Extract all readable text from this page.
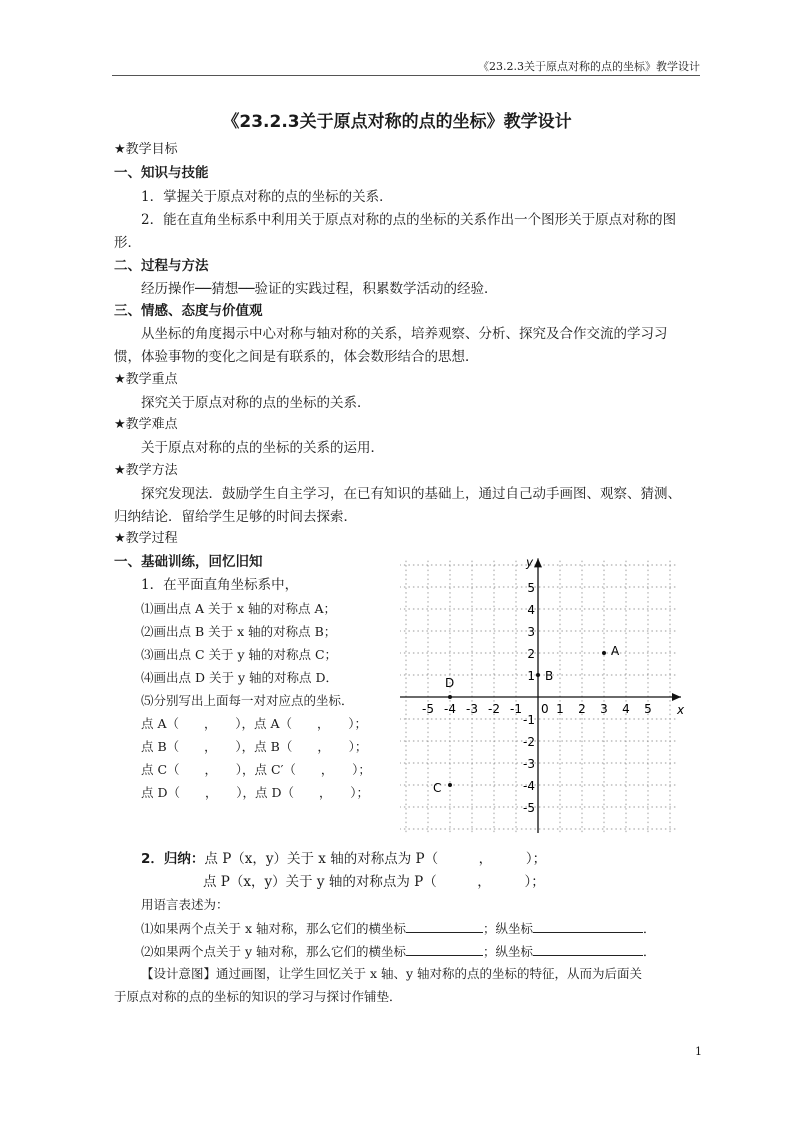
《23.2.3关于原点对称的点的坐标》教学设计
《23.2.3关于原点对称的点的坐标》教学设计
★教学目标
一、知识与技能
1．掌握关于原点对称的点的坐标的关系．
2．能在直角坐标系中利用关于原点对称的点的坐标的关系作出一个图形关于原点对称的图
形．
二、过程与方法
经历操作──猜想──验证的实践过程，积累数学活动的经验．
三、情感、态度与价值观
从坐标的角度揭示中心对称与轴对称的关系，培养观察、分析、探究及合作交流的学习习
惯，体验事物的变化之间是有联系的，体会数形结合的思想．
★教学重点
探究关于原点对称的点的坐标的关系．
★教学难点
关于原点对称的点的坐标的关系的运用．
★教学方法
探究发现法．鼓励学生自主学习，在已有知识的基础上，通过自己动手画图、观察、猜测、
归纳结论．留给学生足够的时间去探索．
★教学过程
一、基础训练，回忆旧知
1．在平面直角坐标系中，
⑴画出点 A 关于 x 轴的对称点 A；
⑵画出点 B 关于 x 轴的对称点 B；
⑶画出点 C 关于 y 轴的对称点 C；
⑷画出点 D 关于 y 轴的对称点 D．
⑸分别写出上面每一对对应点的坐标．
点 A（　　，　　），点 A（　　，　　）；
点 B（　　，　　），点 B（　　，　　）；
点 C（　　，　　），点 C′（　　，　　）；
点 D（　　，　　），点 D（　　，　　）；
x
y
0
-5 -4 -3 -2 -1	1 2 3 4 5
5
4
3
2
1
-1
-2
-3
-4
-5
A
B
C
D
2．归纳：点 P（x，y）关于 x 轴的对称点为 P（　　　，　　　）；
点 P（x，y）关于 y 轴的对称点为 P（　　　，　　　）；
用语言表述为：
⑴如果两个点关于 x 轴对称，那么它们的横坐标	；纵坐标	．
⑵如果两个点关于 y 轴对称，那么它们的横坐标	；纵坐标	．
【设计意图】通过画图，让学生回忆关于 x 轴、y 轴对称的点的坐标的特征，从而为后面关
于原点对称的点的坐标的知识的学习与探讨作铺垫．
1
